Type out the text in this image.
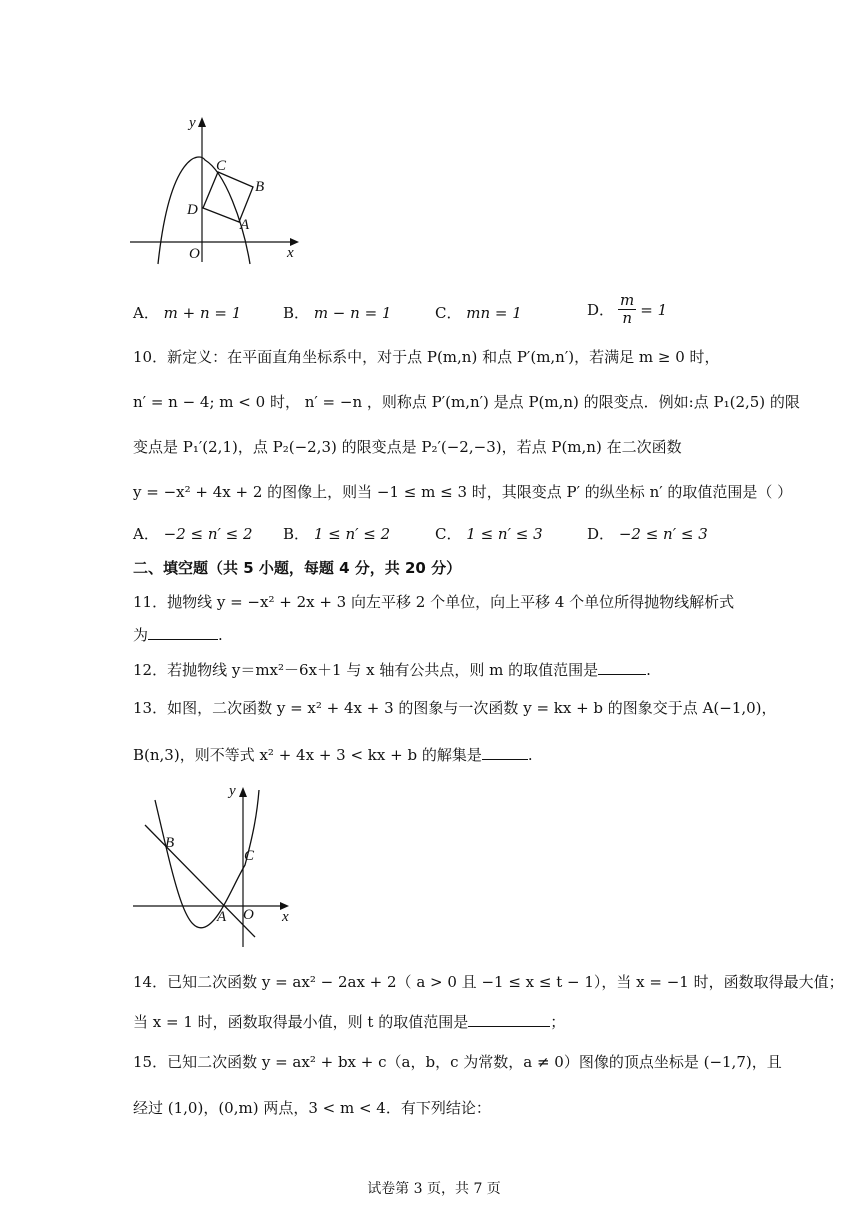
y
x
O
C
B
D
A
A． m + n = 1	B． m − n = 1	C． mn = 1	D． $\frac{m}{n} = 1$
10．新定义：在平面直角坐标系中，对于点 P(m,n) 和点 P′(m,n′)，若满足 m ≥ 0 时，
n′ = n − 4; m < 0 时， n′ = −n ，则称点 P′(m,n′) 是点 P(m,n) 的限变点．例如:点 P₁(2,5) 的限
变点是 P₁′(2,1)，点 P₂(−2,3) 的限变点是 P₂′(−2,−3)，若点 P(m,n) 在二次函数
y = −x² + 4x + 2 的图像上，则当 −1 ≤ m ≤ 3 时，其限变点 P′ 的纵坐标 n′ 的取值范围是（ ）
A． −2 ≤ n′ ≤ 2 B． 1 ≤ n′ ≤ 2	C． 1 ≤ n′ ≤ 3	D． −2 ≤ n′ ≤ 3
二、填空题（共 5 小题，每题 4 分，共 20 分）
11．抛物线 y = −x² + 2x + 3 向左平移 2 个单位，向上平移 4 个单位所得抛物线解析式
为	.
12．若抛物线 y＝mx²－6x＋1 与 x 轴有公共点，则 m 的取值范围是	.
13．如图，二次函数 y = x² + 4x + 3 的图象与一次函数 y = kx + b 的图象交于点 A(−1,0)，
B(n,3)，则不等式 x² + 4x + 3 < kx + b 的解集是	.
y
x
B
C
A O
14．已知二次函数 y = ax² − 2ax + 2（ a > 0 且 −1 ≤ x ≤ t − 1），当 x = −1 时，函数取得最大值；
当 x = 1 时，函数取得最小值，则 t 的取值范围是	；
15．已知二次函数 y = ax² + bx + c（a，b，c 为常数，a ≠ 0）图像的顶点坐标是 (−1,7)，且
经过 (1,0)，(0,m) 两点，3 < m < 4．有下列结论：
试卷第 3 页，共 7 页
